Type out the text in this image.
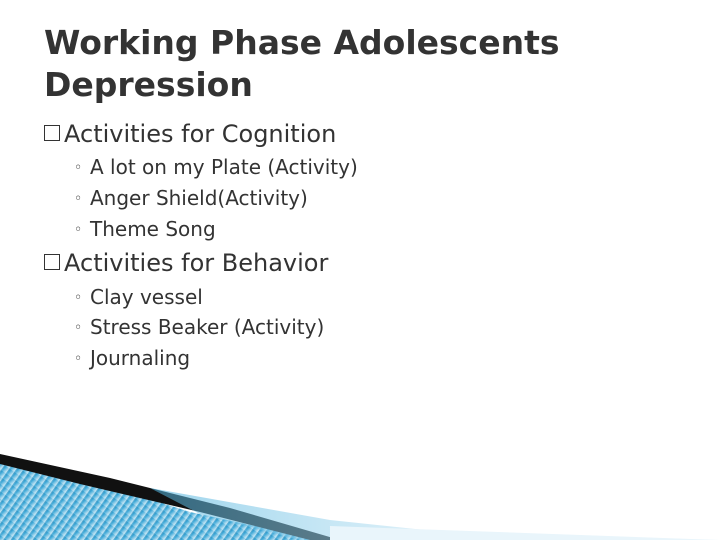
Working Phase Adolescents
Depression
Activities for Cognition
◦ A lot on my Plate (Activity)
◦ Anger Shield(Activity)
◦ Theme Song
Activities for Behavior
◦ Clay vessel
◦ Stress Beaker (Activity)
◦ Journaling
